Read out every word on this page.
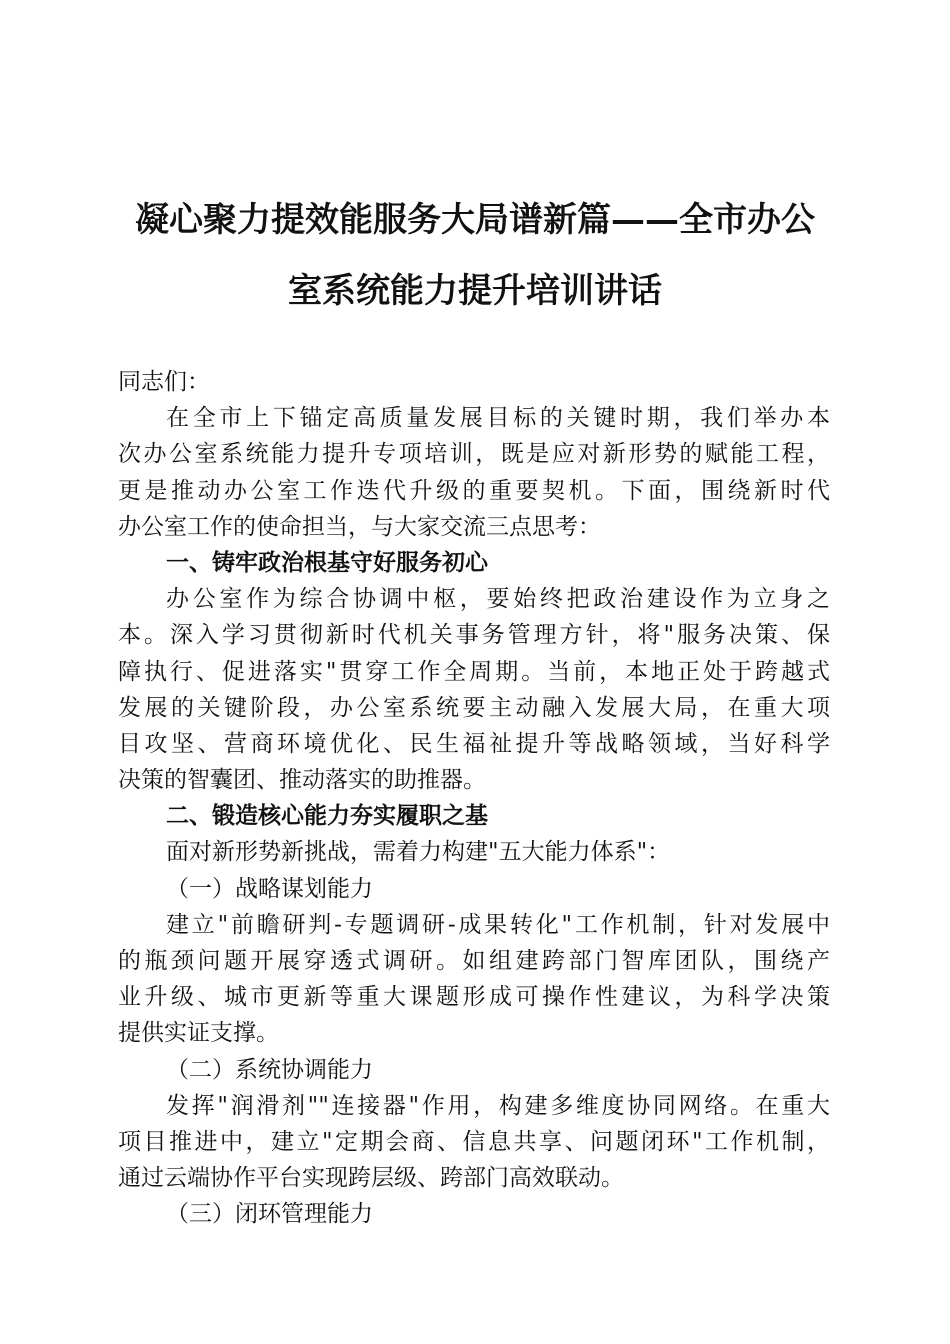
凝心聚力提效能服务大局谱新篇——全市办公
室系统能力提升培训讲话
同志们：
在全市上下锚定高质量发展目标的关键时期，我们举办本
次办公室系统能力提升专项培训，既是应对新形势的赋能工程，
更是推动办公室工作迭代升级的重要契机。下面，围绕新时代
办公室工作的使命担当，与大家交流三点思考：
一、铸牢政治根基守好服务初心
办公室作为综合协调中枢，要始终把政治建设作为立身之
本。深入学习贯彻新时代机关事务管理方针，将"服务决策、保
障执行、促进落实"贯穿工作全周期。当前，本地正处于跨越式
发展的关键阶段，办公室系统要主动融入发展大局，在重大项
目攻坚、营商环境优化、民生福祉提升等战略领域，当好科学
决策的智囊团、推动落实的助推器。
二、锻造核心能力夯实履职之基
面对新形势新挑战，需着力构建"五大能力体系"：
（一）战略谋划能力
建立"前瞻研判-专题调研-成果转化"工作机制，针对发展中
的瓶颈问题开展穿透式调研。如组建跨部门智库团队，围绕产
业升级、城市更新等重大课题形成可操作性建议，为科学决策
提供实证支撑。
（二）系统协调能力
发挥"润滑剂""连接器"作用，构建多维度协同网络。在重大
项目推进中，建立"定期会商、信息共享、问题闭环"工作机制，
通过云端协作平台实现跨层级、跨部门高效联动。
（三）闭环管理能力
